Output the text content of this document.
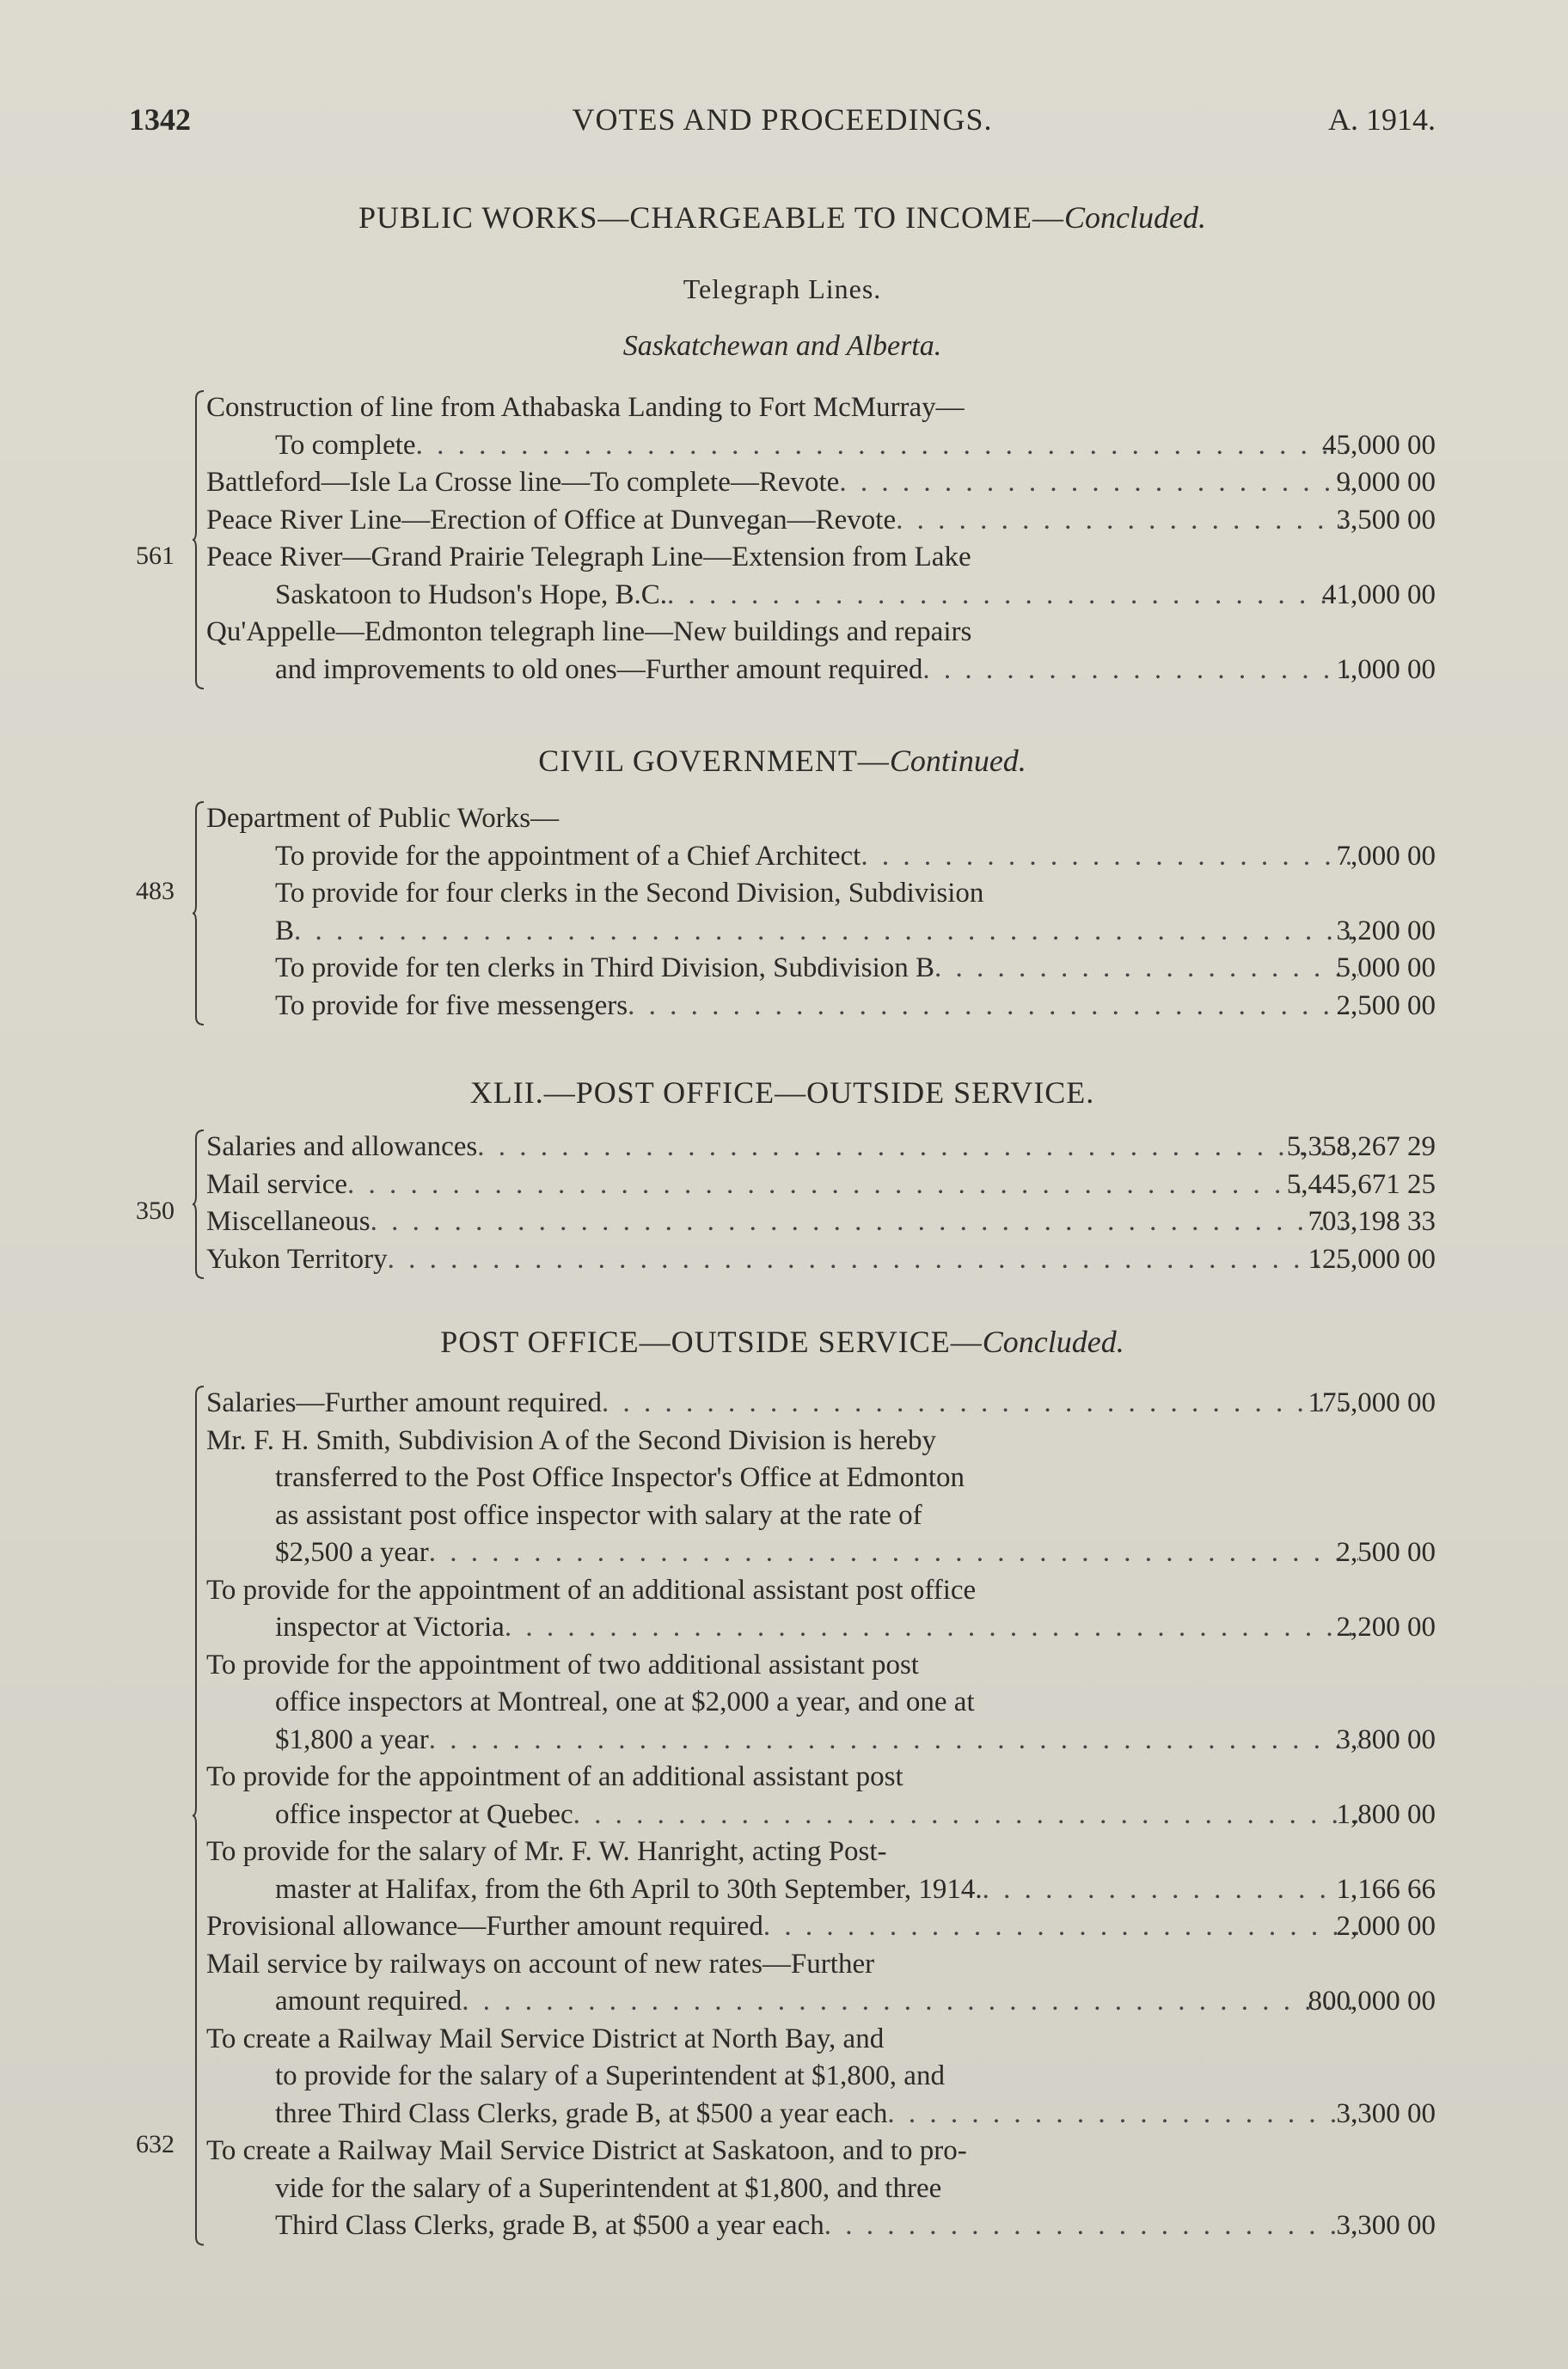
1342	VOTES AND PROCEEDINGS.	A. 1914.
PUBLIC WORKS—CHARGEABLE TO INCOME—Concluded.
Telegraph Lines.
Saskatchewan and Alberta.
561
Construction of line from Athabaska Landing to Fort McMurray—
To complete . . .	45,000 00
Battleford—Isle La Crosse line—To complete—Revote . . .	9,000 00
Peace River Line—Erection of Office at Dunvegan—Revote . . .	3,500 00
Peace River—Grand Prairie Telegraph Line—Extension from Lake
Saskatoon to Hudson's Hope, B.C. . . .	41,000 00
Qu'Appelle—Edmonton telegraph line—New buildings and repairs
and improvements to old ones—Further amount required . . .	1,000 00
CIVIL GOVERNMENT—Continued.
483
Department of Public Works—
To provide for the appointment of a Chief Architect . . .	7,000 00
To provide for four clerks in the Second Division, Subdivision
B . . .	3,200 00
To provide for ten clerks in Third Division, Subdivision B . . .	5,000 00
To provide for five messengers . . .	2,500 00
XLII.—POST OFFICE—OUTSIDE SERVICE.
350
Salaries and allowances . . .	5,358,267 29
Mail service . . .	5,445,671 25
Miscellaneous . . .	703,198 33
Yukon Territory . . .	125,000 00
POST OFFICE—OUTSIDE SERVICE—Concluded.
632
Salaries—Further amount required . . .	175,000 00
Mr. F. H. Smith, Subdivision A of the Second Division is hereby
transferred to the Post Office Inspector's Office at Edmonton
as assistant post office inspector with salary at the rate of
$2,500 a year . . .	2,500 00
To provide for the appointment of an additional assistant post office
inspector at Victoria . . .	2,200 00
To provide for the appointment of two additional assistant post
office inspectors at Montreal, one at $2,000 a year, and one at
$1,800 a year . . .	3,800 00
To provide for the appointment of an additional assistant post
office inspector at Quebec . . .	1,800 00
To provide for the salary of Mr. F. W. Hanright, acting Post-
master at Halifax, from the 6th April to 30th September, 1914. . . .	1,166 66
Provisional allowance—Further amount required . . .	2,000 00
Mail service by railways on account of new rates—Further
amount required . . .	800,000 00
To create a Railway Mail Service District at North Bay, and
to provide for the salary of a Superintendent at $1,800, and
three Third Class Clerks, grade B, at $500 a year each . . .	3,300 00
To create a Railway Mail Service District at Saskatoon, and to pro-
vide for the salary of a Superintendent at $1,800, and three
Third Class Clerks, grade B, at $500 a year each . . .	3,300 00
